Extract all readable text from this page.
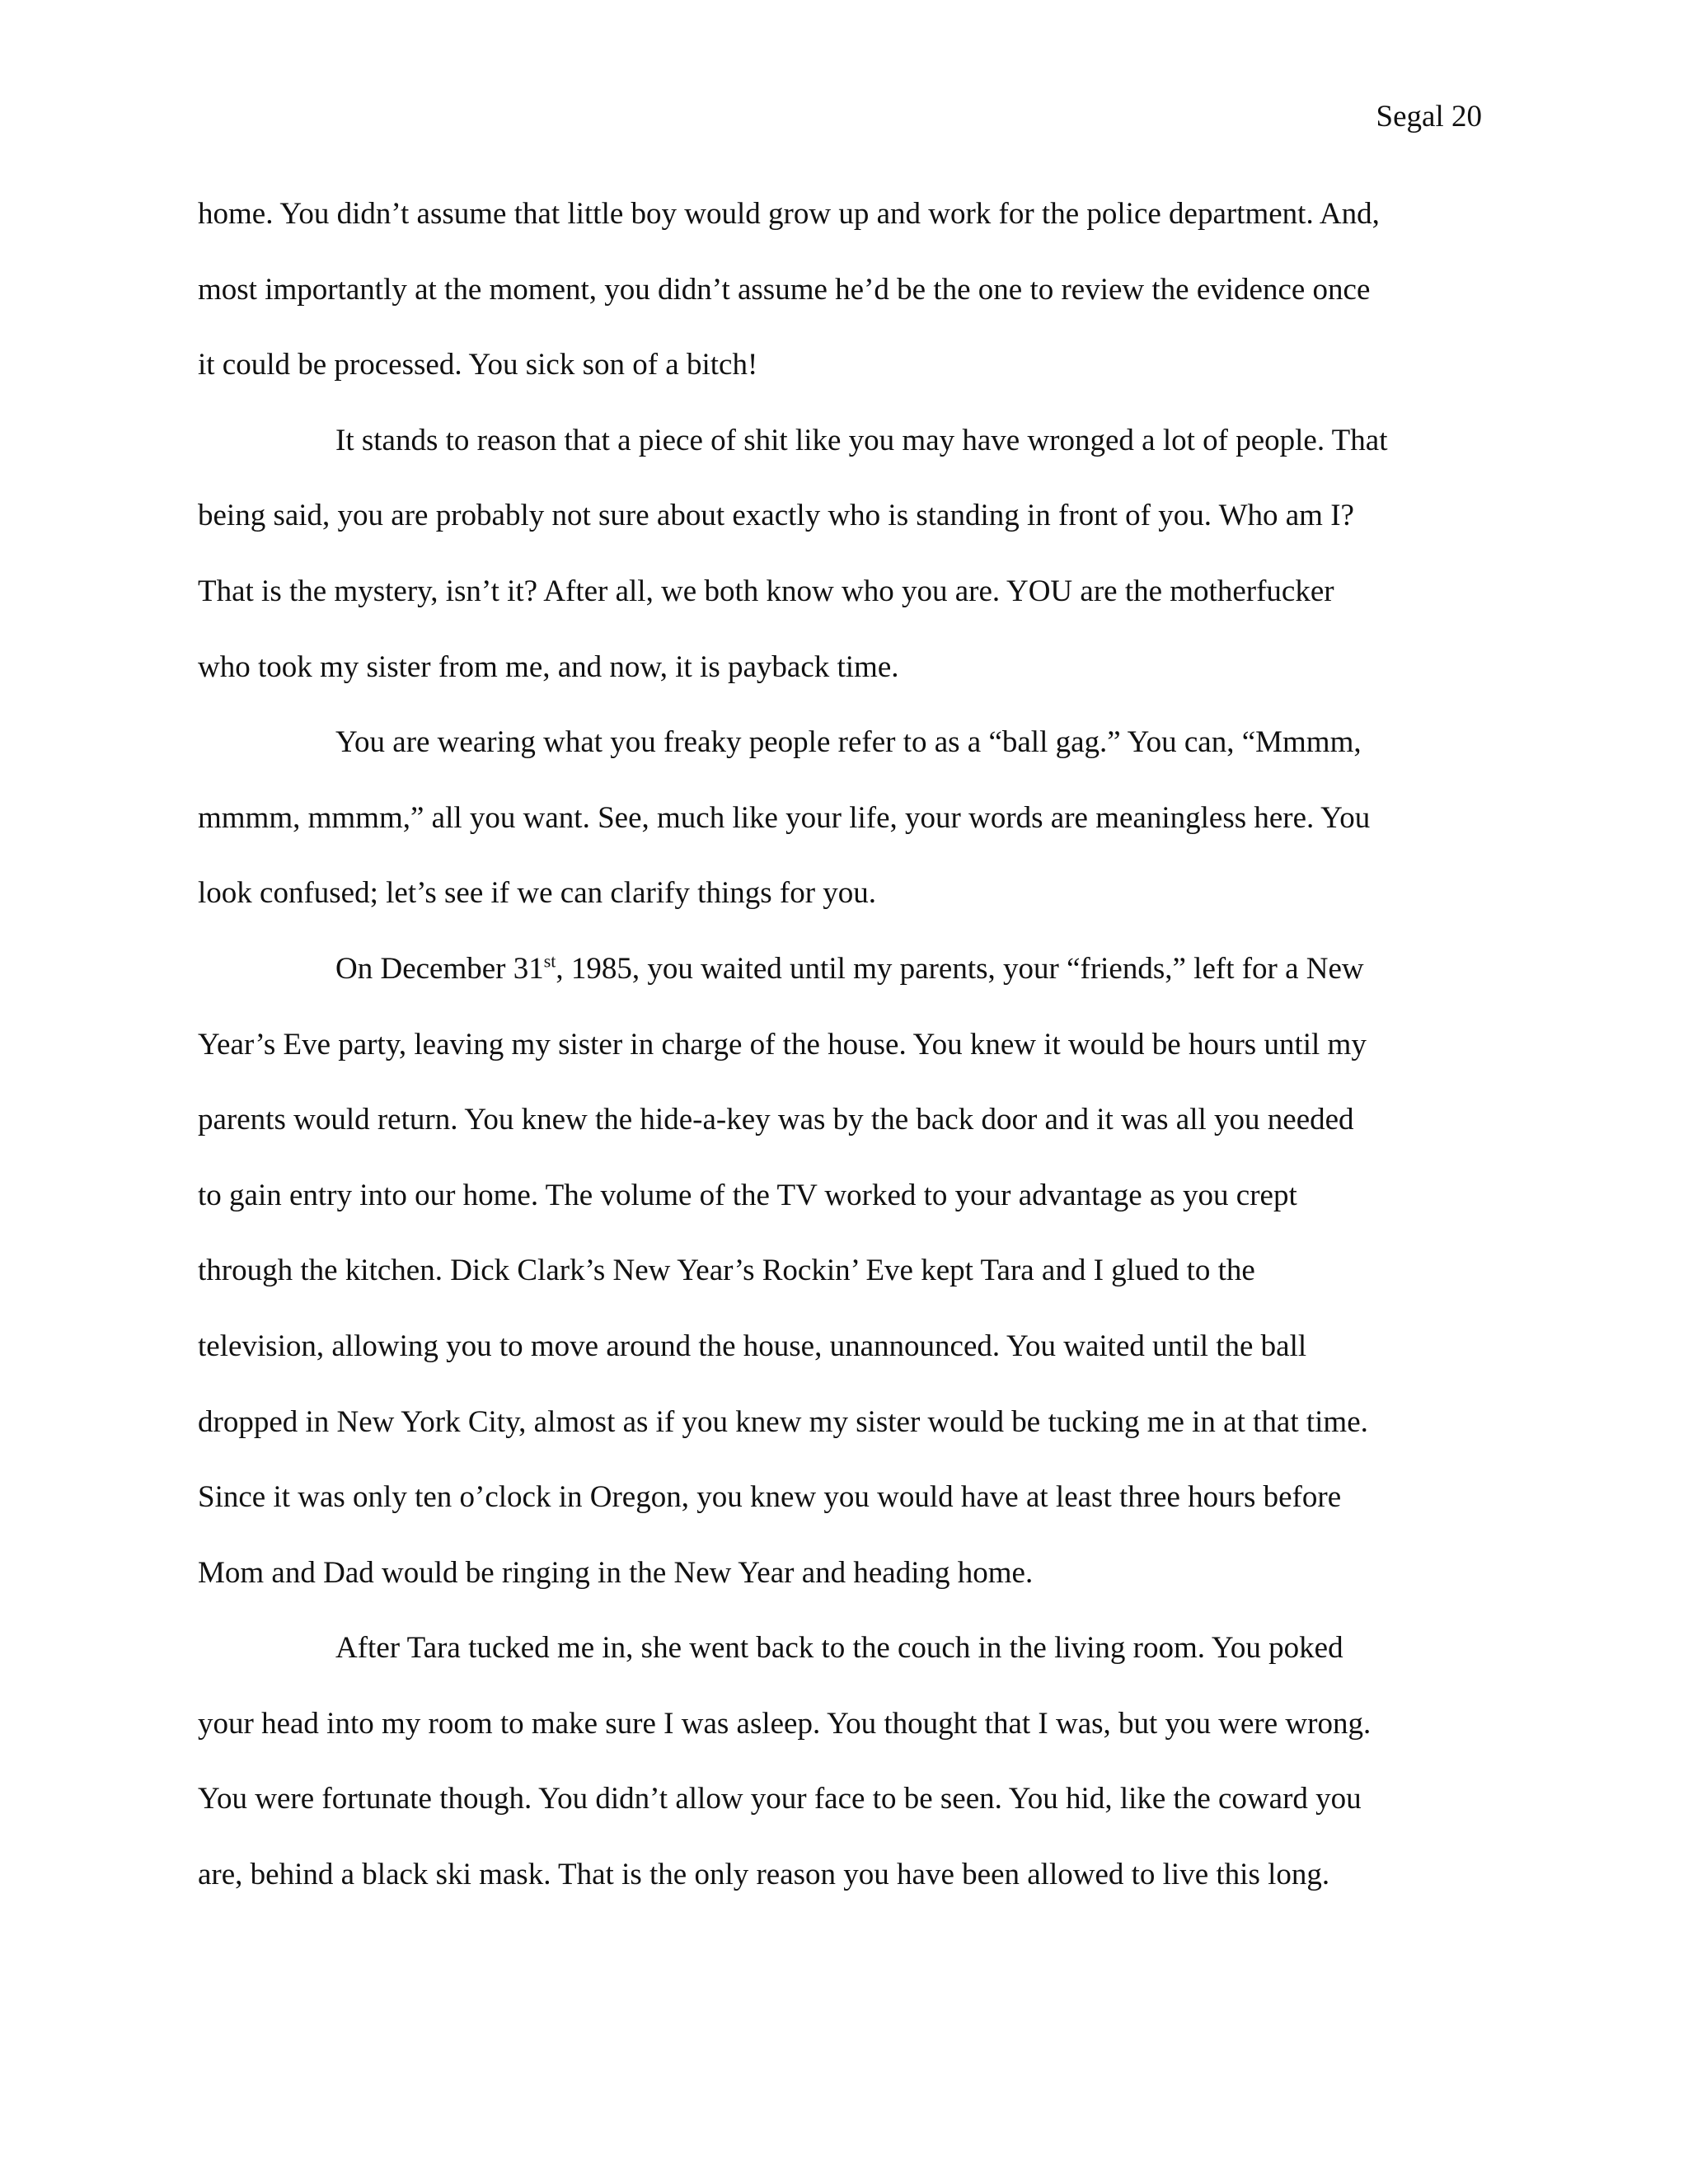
Segal 20
home. You didn’t assume that little boy would grow up and work for the police department. And,
most importantly at the moment, you didn’t assume he’d be the one to review the evidence once
it could be processed. You sick son of a bitch!
It stands to reason that a piece of shit like you may have wronged a lot of people. That
being said, you are probably not sure about exactly who is standing in front of you. Who am I?
That is the mystery, isn’t it? After all, we both know who you are. YOU are the motherfucker
who took my sister from me, and now, it is payback time.
You are wearing what you freaky people refer to as a “ball gag.” You can, “Mmmm,
mmmm, mmmm,” all you want. See, much like your life, your words are meaningless here. You
look confused; let’s see if we can clarify things for you.
On December 31st, 1985, you waited until my parents, your “friends,” left for a New
Year’s Eve party, leaving my sister in charge of the house. You knew it would be hours until my
parents would return. You knew the hide-a-key was by the back door and it was all you needed
to gain entry into our home. The volume of the TV worked to your advantage as you crept
through the kitchen. Dick Clark’s New Year’s Rockin’ Eve kept Tara and I glued to the
television, allowing you to move around the house, unannounced. You waited until the ball
dropped in New York City, almost as if you knew my sister would be tucking me in at that time.
Since it was only ten o’clock in Oregon, you knew you would have at least three hours before
Mom and Dad would be ringing in the New Year and heading home.
After Tara tucked me in, she went back to the couch in the living room. You poked
your head into my room to make sure I was asleep. You thought that I was, but you were wrong.
You were fortunate though. You didn’t allow your face to be seen. You hid, like the coward you
are, behind a black ski mask. That is the only reason you have been allowed to live this long.
